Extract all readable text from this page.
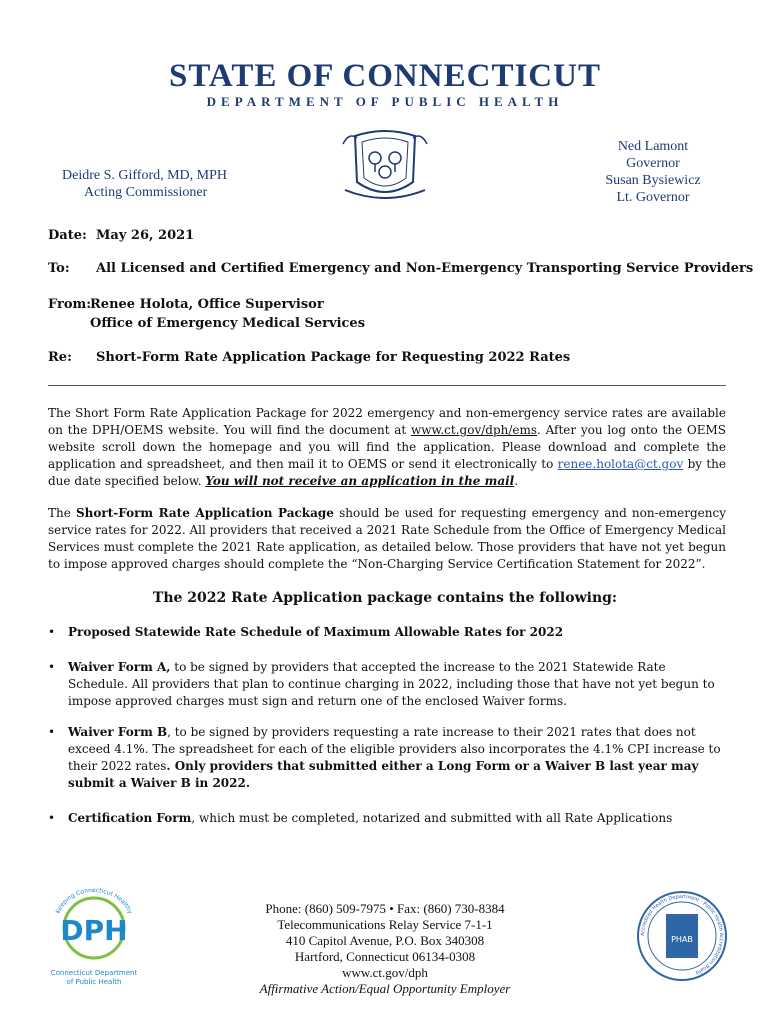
STATE OF CONNECTICUT
DEPARTMENT OF PUBLIC HEALTH
Deidre S. Gifford, MD, MPH
Acting Commissioner
Ned Lamont
Governor
Susan Bysiewicz
Lt. Governor
Date: May 26, 2021
To: All Licensed and Certified Emergency and Non-Emergency Transporting Service Providers
From:Renee Holota, Office Supervisor
Office of Emergency Medical Services
Re: Short-Form Rate Application Package for Requesting 2022 Rates
The Short Form Rate Application Package for 2022 emergency and non-emergency service rates are available on the DPH/OEMS website. You will find the document at www.ct.gov/dph/ems. After you log onto the OEMS website scroll down the homepage and you will find the application. Please download and complete the application and spreadsheet, and then mail it to OEMS or send it electronically to renee.holota@ct.gov by the due date specified below. You will not receive an application in the mail.
The Short-Form Rate Application Package should be used for requesting emergency and non-emergency service rates for 2022. All providers that received a 2021 Rate Schedule from the Office of Emergency Medical Services must complete the 2021 Rate application, as detailed below. Those providers that have not yet begun to impose approved charges should complete the “Non-Charging Service Certification Statement for 2022”.
The 2022 Rate Application package contains the following:
• Proposed Statewide Rate Schedule of Maximum Allowable Rates for 2022
• Waiver Form A, to be signed by providers that accepted the increase to the 2021 Statewide Rate Schedule. All providers that plan to continue charging in 2022, including those that have not yet begun to impose approved charges must sign and return one of the enclosed Waiver forms.
• Waiver Form B, to be signed by providers requesting a rate increase to their 2021 rates that does not exceed 4.1%. The spreadsheet for each of the eligible providers also incorporates the 4.1% CPI increase to their 2022 rates. Only providers that submitted either a Long Form or a Waiver B last year may submit a Waiver B in 2022.
• Certification Form, which must be completed, notarized and submitted with all Rate Applications
Keeping Connecticut Healthy
DPH
Connecticut Department
of Public Health
Phone: (860) 509-7975 • Fax: (860) 730-8384
Telecommunications Relay Service 7-1-1
410 Capitol Avenue, P.O. Box 340308
Hartford, Connecticut 06134-0308
www.ct.gov/dph
Affirmative Action/Equal Opportunity Employer
Accredited Health Department · Public Health Accreditation Board
PHAB
